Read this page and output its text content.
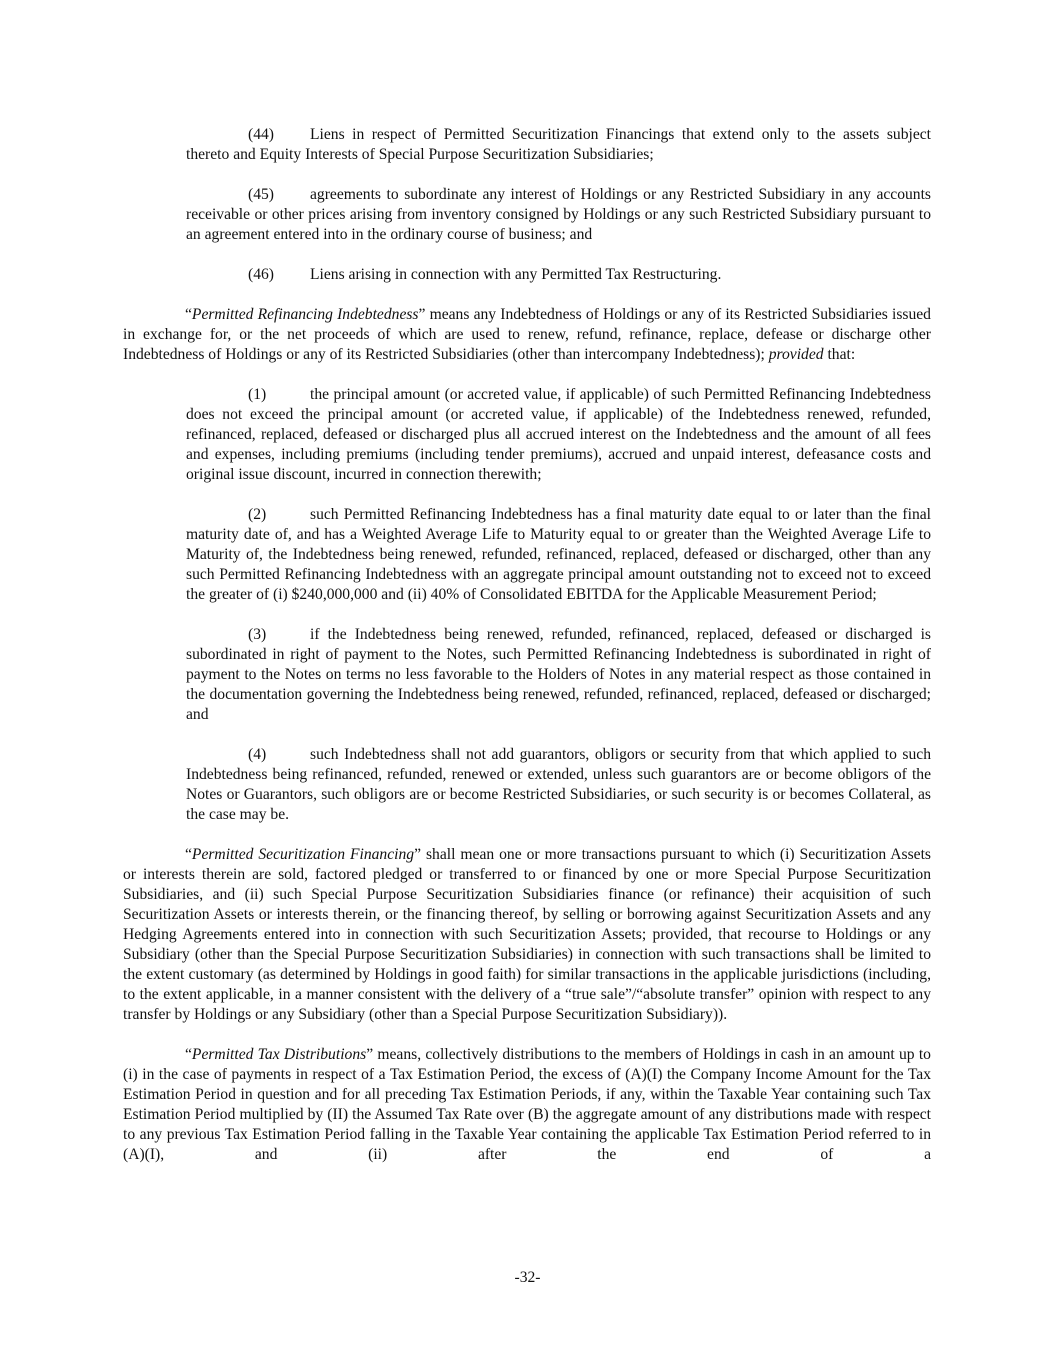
(44) Liens in respect of Permitted Securitization Financings that extend only to the assets subject thereto and Equity Interests of Special Purpose Securitization Subsidiaries;

(45) agreements to subordinate any interest of Holdings or any Restricted Subsidiary in any accounts receivable or other prices arising from inventory consigned by Holdings or any such Restricted Subsidiary pursuant to an agreement entered into in the ordinary course of business; and

(46) Liens arising in connection with any Permitted Tax Restructuring.

“Permitted Refinancing Indebtedness” means any Indebtedness of Holdings or any of its Restricted Subsidiaries issued in exchange for, or the net proceeds of which are used to renew, refund, refinance, replace, defease or discharge other Indebtedness of Holdings or any of its Restricted Subsidiaries (other than intercompany Indebtedness); provided that:

(1)	the principal amount (or accreted value, if applicable) of such Permitted Refinancing Indebtedness does not exceed the principal amount (or accreted value, if applicable) of the Indebtedness renewed, refunded, refinanced, replaced, defeased or discharged plus all accrued interest on the Indebtedness and the amount of all fees and expenses, including premiums (including tender premiums), accrued and unpaid interest, defeasance costs and original issue discount, incurred in connection therewith;

(2)	such Permitted Refinancing Indebtedness has a final maturity date equal to or later than the final maturity date of, and has a Weighted Average Life to Maturity equal to or greater than the Weighted Average Life to Maturity of, the Indebtedness being renewed, refunded, refinanced, replaced, defeased or discharged, other than any such Permitted Refinancing Indebtedness with an aggregate principal amount outstanding not to exceed not to exceed the greater of (i) $240,000,000 and (ii) 40% of Consolidated EBITDA for the Applicable Measurement Period;

(3)	if the Indebtedness being renewed, refunded, refinanced, replaced, defeased or discharged is subordinated in right of payment to the Notes, such Permitted Refinancing Indebtedness is subordinated in right of payment to the Notes on terms no less favorable to the Holders of Notes in any material respect as those contained in the documentation governing the Indebtedness being renewed, refunded, refinanced, replaced, defeased or discharged; and

(4)	such Indebtedness shall not add guarantors, obligors or security from that which applied to such Indebtedness being refinanced, refunded, renewed or extended, unless such guarantors are or become obligors of the Notes or Guarantors, such obligors are or become Restricted Subsidiaries, or such security is or becomes Collateral, as the case may be.

“Permitted Securitization Financing” shall mean one or more transactions pursuant to which (i) Securitization Assets or interests therein are sold, factored pledged or transferred to or financed by one or more Special Purpose Securitization Subsidiaries, and (ii) such Special Purpose Securitization Subsidiaries finance (or refinance) their acquisition of such Securitization Assets or interests therein, or the financing thereof, by selling or borrowing against Securitization Assets and any Hedging Agreements entered into in connection with such Securitization Assets; provided, that recourse to Holdings or any Subsidiary (other than the Special Purpose Securitization Subsidiaries) in connection with such transactions shall be limited to the extent customary (as determined by Holdings in good faith) for similar transactions in the applicable jurisdictions (including, to the extent applicable, in a manner consistent with the delivery of a “true sale”/“absolute transfer” opinion with respect to any transfer by Holdings or any Subsidiary (other than a Special Purpose Securitization Subsidiary)).

“Permitted Tax Distributions” means, collectively distributions to the members of Holdings in cash in an amount up to (i) in the case of payments in respect of a Tax Estimation Period, the excess of (A)(I) the Company Income Amount for the Tax Estimation Period in question and for all preceding Tax Estimation Periods, if any, within the Taxable Year containing such Tax Estimation Period multiplied by (II) the Assumed Tax Rate over (B) the aggregate amount of any distributions made with respect to any previous Tax Estimation Period falling in the Taxable Year containing the applicable Tax Estimation Period referred to in (A)(I), and (ii) after the end of a

-32-
